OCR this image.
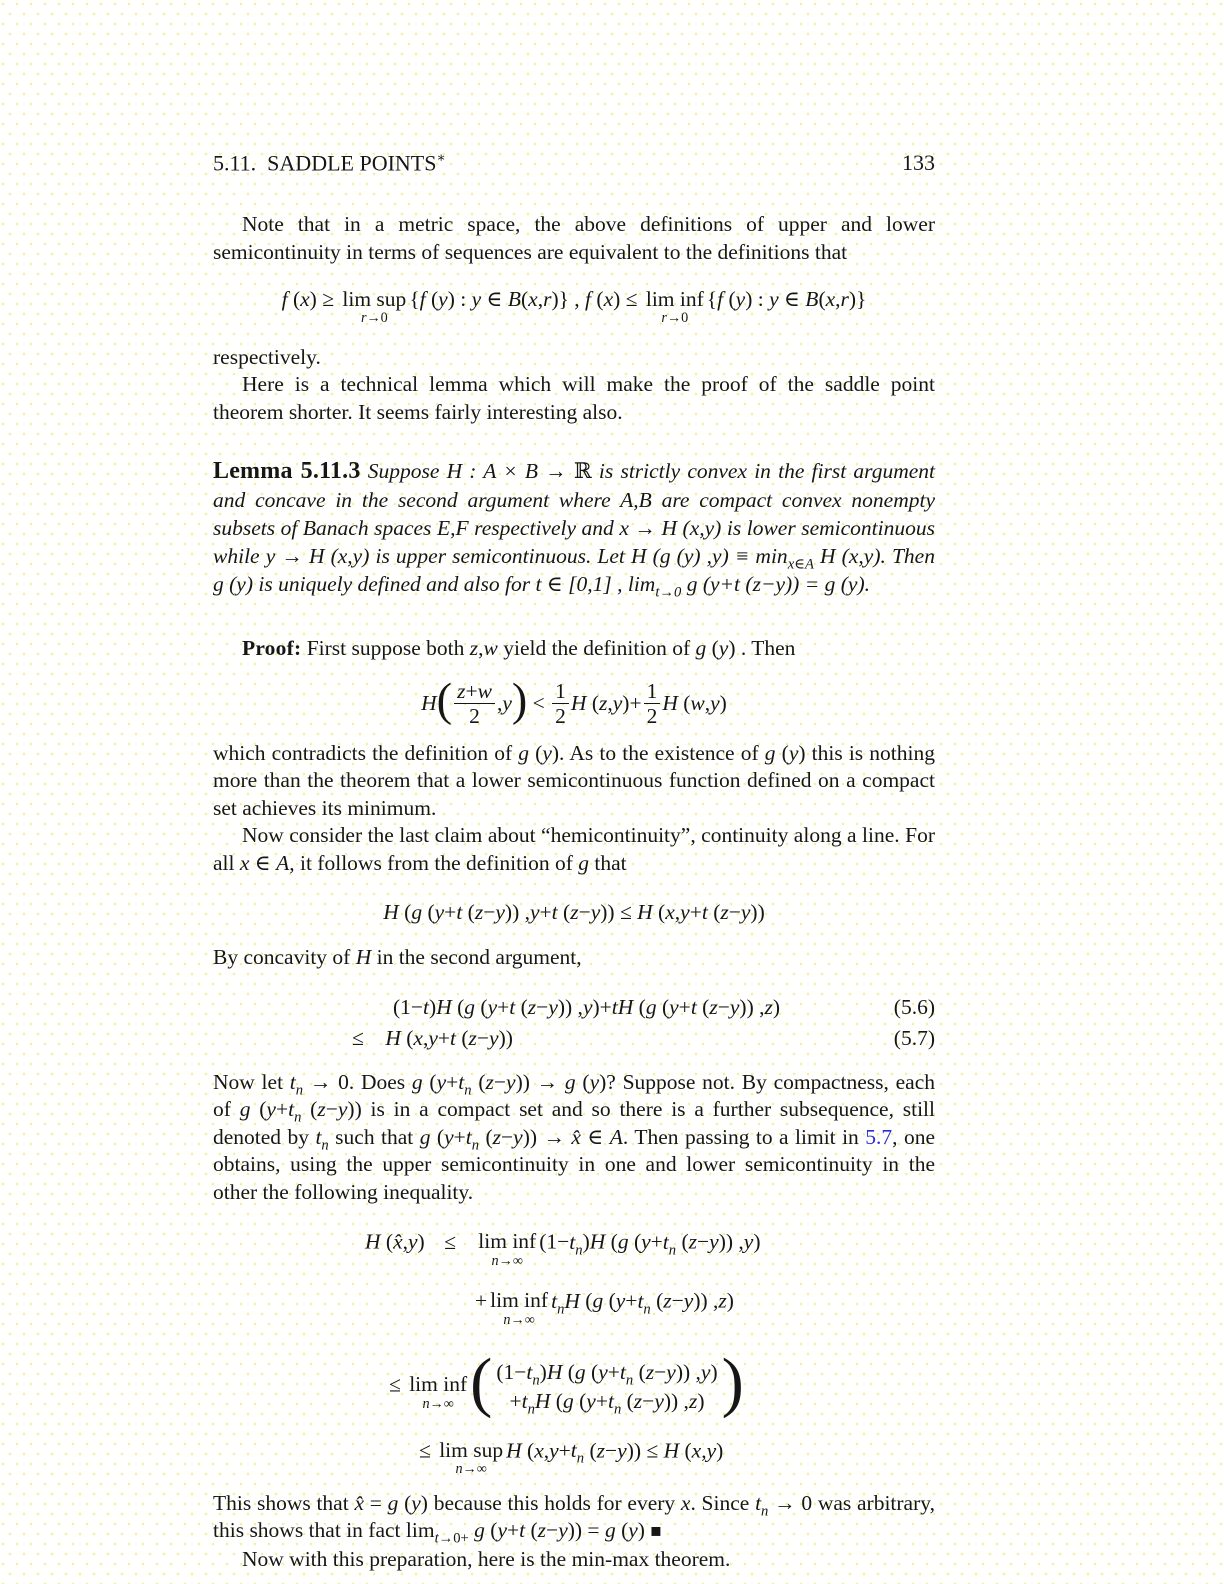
5.11.  SADDLE POINTS∗	133

Note that in a metric space, the above definitions of upper and lower semicontinuity in terms of sequences are equivalent to the definitions that

f (x) ≥ lim sup
r→0
{f (y) : y ∈ B(x,r)} , f (x) ≤ lim inf
r→0
{f (y) : y ∈ B(x,r)}

respectively.

Here is a technical lemma which will make the proof of the saddle point theorem shorter. It seems fairly interesting also.

Lemma 5.11.3 Suppose H : A × B → ℝ is strictly convex in the first argument and concave in the second argument where A,B are compact convex nonempty subsets of Banach spaces E,F respectively and x → H (x,y) is lower semicontinuous while y → H (x,y) is upper semicontinuous. Let H (g (y) $,y) \equiv \min_{x\in A} H$ (x,y). Then g (y) is uniquely defined and also for t ∈ [0,1] , $\lim_{t\to 0} g$ (y+t (z−y)) = g (y).

Proof: First suppose both z,w yield the definition of g (y) . Then

$H( \frac{z+w}{2} ,y) < \frac{1}{2}$ H $(z,y)+ \frac{1}{2}$ H (w,y)

which contradicts the definition of g (y). As to the existence of g (y) this is nothing more than the theorem that a lower semicontinuous function defined on a compact set achieves its minimum.

Now consider the last claim about “hemicontinuity”, continuity along a line. For all x ∈ A, it follows from the definition of g that

H (g (y+t (z−y)) ,y+t (z−y)) ≤ H (x,y+t (z−y))

By concavity of H in the second argument,

(1−t)H (g (y+t (z−y)) ,y)+tH (g (y+t (z−y)) ,z)	(5.6)
≤ H (x,y+t (z−y))	(5.7)

Now let $t_n \to 0$. Does g ($y+t_n$ (z−y)) → g (y)? Suppose not. By compactness, each of g ($y+t_n$ (z−y)) is in a compact set and so there is a further subsequence, still denoted by $t_n$ such that g ($y+t_n$ (z−y)) → x̂ ∈ A. Then passing to a limit in 5.7, one obtains, using the upper semicontinuity in one and lower semicontinuity in the other the following inequality.

H (x̂,y) ≤ lim inf
n→∞
$(1-t_n)H$ (g ($y+t_n$ (z−y)) ,y)
+ lim inf
n→∞
$t_nH$ (g ($y+t_n$ (z−y)) ,z)
≤ lim inf
n→∞ ( $(1-t_n)H$ (g ($y+t_n$ (z−y)) ,y)
$+t_nH$ (g ($y+t_n$ (z−y)) ,z) )
≤ lim sup
n→∞
H ($x,y+t_n$ (z−y)) ≤ H (x,y)

This shows that x̂ = g (y) because this holds for every x. Since $t_n \to 0$ was arbitrary, this shows that in fact $\lim_{t\to 0+} g$ (y+t (z−y)) = g (y) ■

Now with this preparation, here is the min-max theorem.
